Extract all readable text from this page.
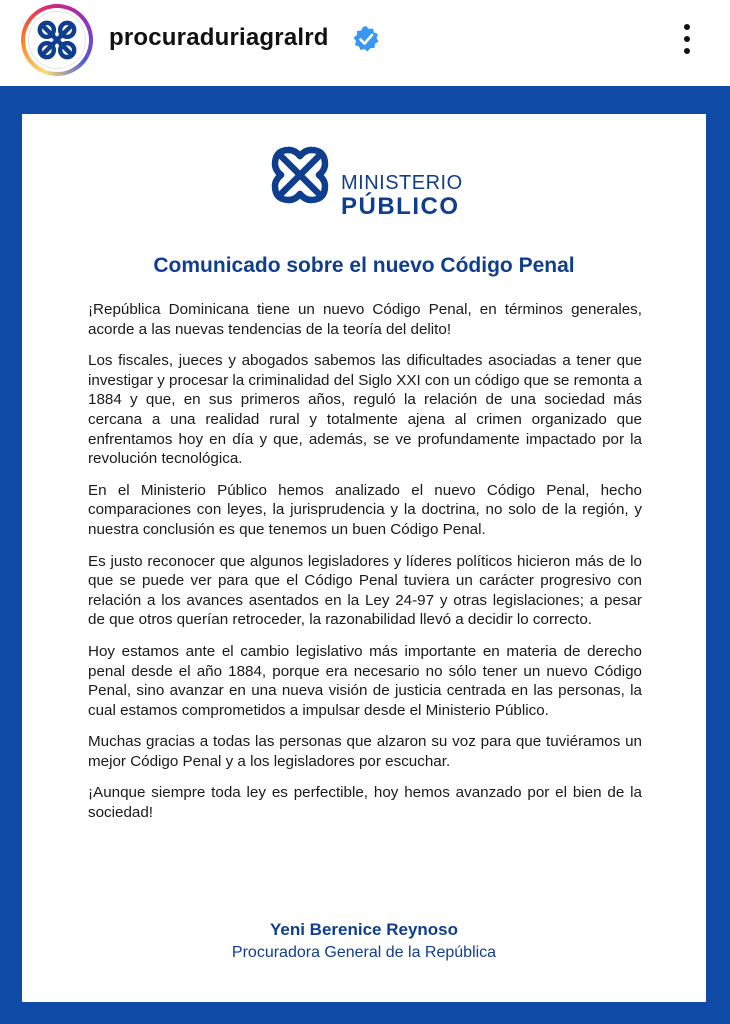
procuraduriagralrd
MINISTERIO
PÚBLICO
Comunicado sobre el nuevo Código Penal

¡República Dominicana tiene un nuevo Código Penal, en términos generales, acorde a las nuevas tendencias de la teoría del delito!

Los fiscales, jueces y abogados sabemos las dificultades asociadas a tener que investigar y procesar la criminalidad del Siglo XXI con un código que se remonta a 1884 y que, en sus primeros años, reguló la relación de una sociedad más cercana a una realidad rural y totalmente ajena al crimen organizado que enfrentamos hoy en día y que, además, se ve profundamente impactado por la revolución tecnológica.

En el Ministerio Público hemos analizado el nuevo Código Penal, hecho comparaciones con leyes, la jurisprudencia y la doctrina, no solo de la región, y nuestra conclusión es que tenemos un buen Código Penal.

Es justo reconocer que algunos legisladores y líderes políticos hicieron más de lo que se puede ver para que el Código Penal tuviera un carácter progresivo con relación a los avances asentados en la Ley 24-97 y otras legislaciones; a pesar de que otros querían retroceder, la razonabilidad llevó a decidir lo correcto.

Hoy estamos ante el cambio legislativo más importante en materia de derecho penal desde el año 1884, porque era necesario no sólo tener un nuevo Código Penal, sino avanzar en una nueva visión de justicia centrada en las personas, la cual estamos comprometidos a impulsar desde el Ministerio Público.

Muchas gracias a todas las personas que alzaron su voz para que tuviéramos un mejor Código Penal y a los legisladores por escuchar.

¡Aunque siempre toda ley es perfectible, hoy hemos avanzado por el bien de la sociedad!

Yeni Berenice Reynoso
Procuradora General de la República
